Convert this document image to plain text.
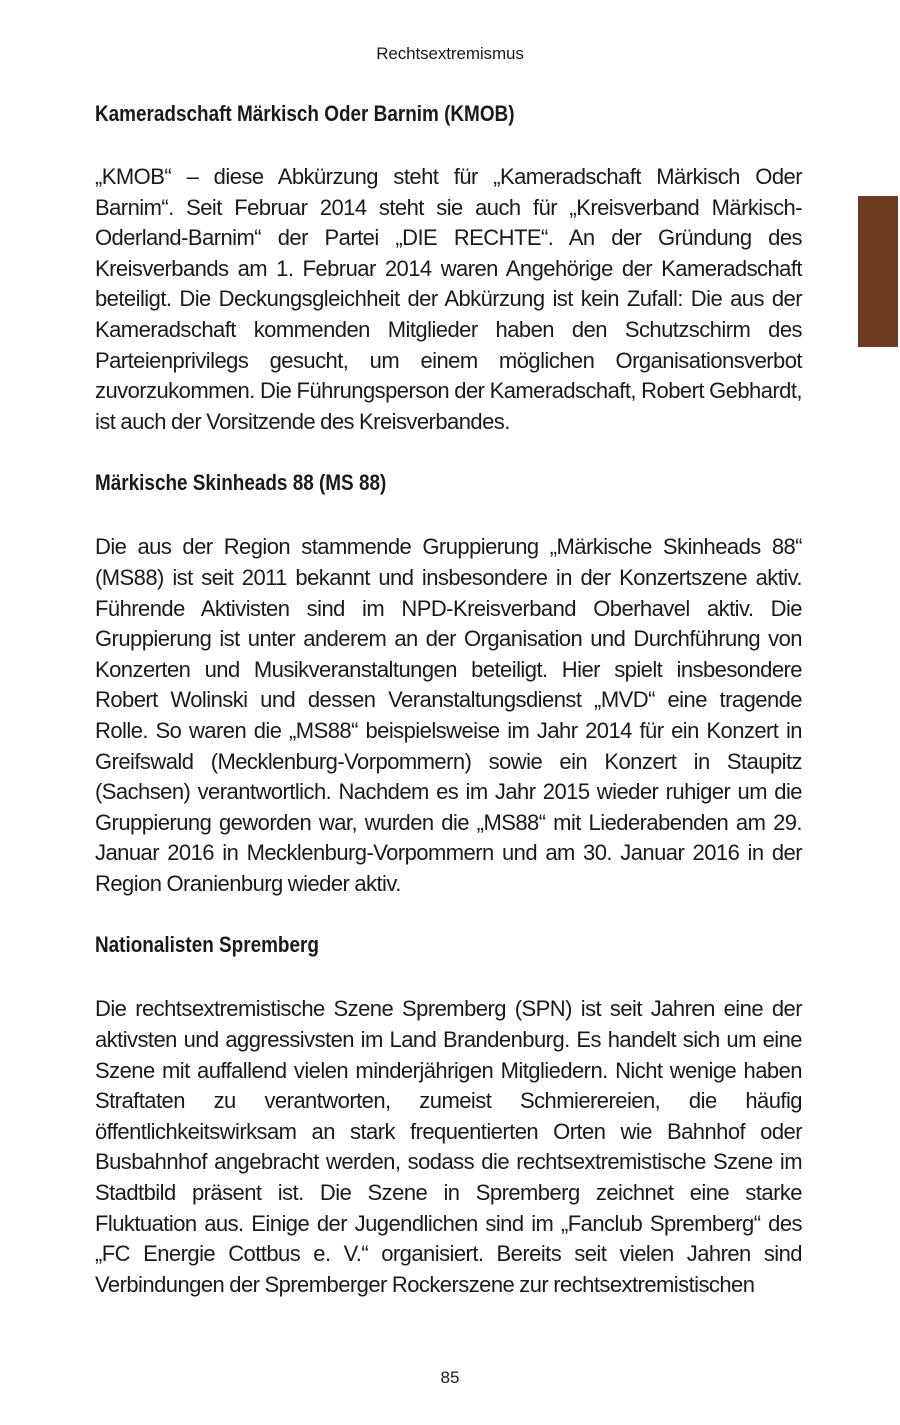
Rechtsextremismus
Kameradschaft Märkisch Oder Barnim (KMOB)

„KMOB“ – diese Abkürzung steht für „Kameradschaft Märkisch Oder Barnim“. Seit Februar 2014 steht sie auch für „Kreisverband Märkisch-Oderland-Barnim“ der Partei „DIE RECHTE“. An der Gründung des Kreisverbands am 1. Februar 2014 waren Angehörige der Kameradschaft beteiligt. Die Deckungsgleichheit der Abkürzung ist kein Zufall: Die aus der Kameradschaft kommenden Mitglieder haben den Schutzschirm des Parteienprivilegs gesucht, um einem möglichen Organisationsverbot zuvorzukommen. Die Führungsperson der Kameradschaft, Robert Gebhardt, ist auch der Vorsitzende des Kreisverbandes.

Märkische Skinheads 88 (MS 88)

Die aus der Region stammende Gruppierung „Märkische Skinheads 88“ (MS88) ist seit 2011 bekannt und insbesondere in der Konzertszene aktiv. Führende Aktivisten sind im NPD-Kreisverband Oberhavel aktiv. Die Gruppierung ist unter anderem an der Organisation und Durchführung von Konzerten und Musikveranstaltungen beteiligt. Hier spielt insbesondere Robert Wolinski und dessen Veranstaltungsdienst „MVD“ eine tragende Rolle. So waren die „MS88“ beispielsweise im Jahr 2014 für ein Konzert in Greifswald (Mecklenburg-Vorpommern) sowie ein Konzert in Staupitz (Sachsen) verantwortlich. Nachdem es im Jahr 2015 wieder ruhiger um die Gruppierung geworden war, wurden die „MS88“ mit Liederabenden am 29. Januar 2016 in Mecklenburg-Vorpommern und am 30. Januar 2016 in der Region Oranienburg wieder aktiv.

Nationalisten Spremberg

Die rechtsextremistische Szene Spremberg (SPN) ist seit Jahren eine der aktivsten und aggressivsten im Land Brandenburg. Es handelt sich um eine Szene mit auffallend vielen minderjährigen Mitgliedern. Nicht wenige haben Straftaten zu verantworten, zumeist Schmierereien, die häufig öffentlichkeitswirksam an stark frequentierten Orten wie Bahnhof oder Busbahnhof angebracht werden, sodass die rechtsextremistische Szene im Stadtbild präsent ist. Die Szene in Spremberg zeichnet eine starke Fluktuation aus. Einige der Jugendlichen sind im „Fanclub Spremberg“ des „FC Energie Cottbus e. V.“ organisiert. Bereits seit vielen Jahren sind Verbindungen der Spremberger Rockerszene zur rechtsextremistischen

85
